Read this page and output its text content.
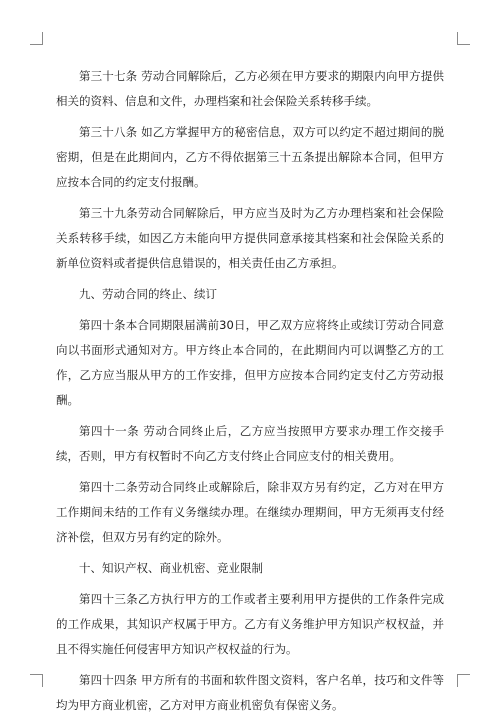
第三十七条 劳动合同解除后，乙方必须在甲方要求的期限内向甲方提供相关的资料、信息和文件，办理档案和社会保险关系转移手续。

第三十八条 如乙方掌握甲方的秘密信息，双方可以约定不超过期间的脱密期，但是在此期间内，乙方不得依据第三十五条提出解除本合同，但甲方应按本合同的约定支付报酬。

第三十九条劳动合同解除后，甲方应当及时为乙方办理档案和社会保险关系转移手续，如因乙方未能向甲方提供同意承接其档案和社会保险关系的新单位资料或者提供信息错误的，相关责任由乙方承担。

九、劳动合同的终止、续订

第四十条本合同期限届满前30日，甲乙双方应将终止或续订劳动合同意向以书面形式通知对方。甲方终止本合同的，在此期间内可以调整乙方的工作，乙方应当服从甲方的工作安排，但甲方应按本合同约定支付乙方劳动报酬。

第四十一条 劳动合同终止后，乙方应当按照甲方要求办理工作交接手续，否则，甲方有权暂时不向乙方支付终止合同应支付的相关费用。

第四十二条劳动合同终止或解除后，除非双方另有约定，乙方对在甲方工作期间未结的工作有义务继续办理。在继续办理期间，甲方无须再支付经济补偿，但双方另有约定的除外。

十、知识产权、商业机密、竞业限制

第四十三条乙方执行甲方的工作或者主要利用甲方提供的工作条件完成的工作成果，其知识产权属于甲方。乙方有义务维护甲方知识产权权益，并且不得实施任何侵害甲方知识产权权益的行为。

第四十四条 甲方所有的书面和软件图文资料，客户名单，技巧和文件等均为甲方商业机密，乙方对甲方商业机密负有保密义务。
